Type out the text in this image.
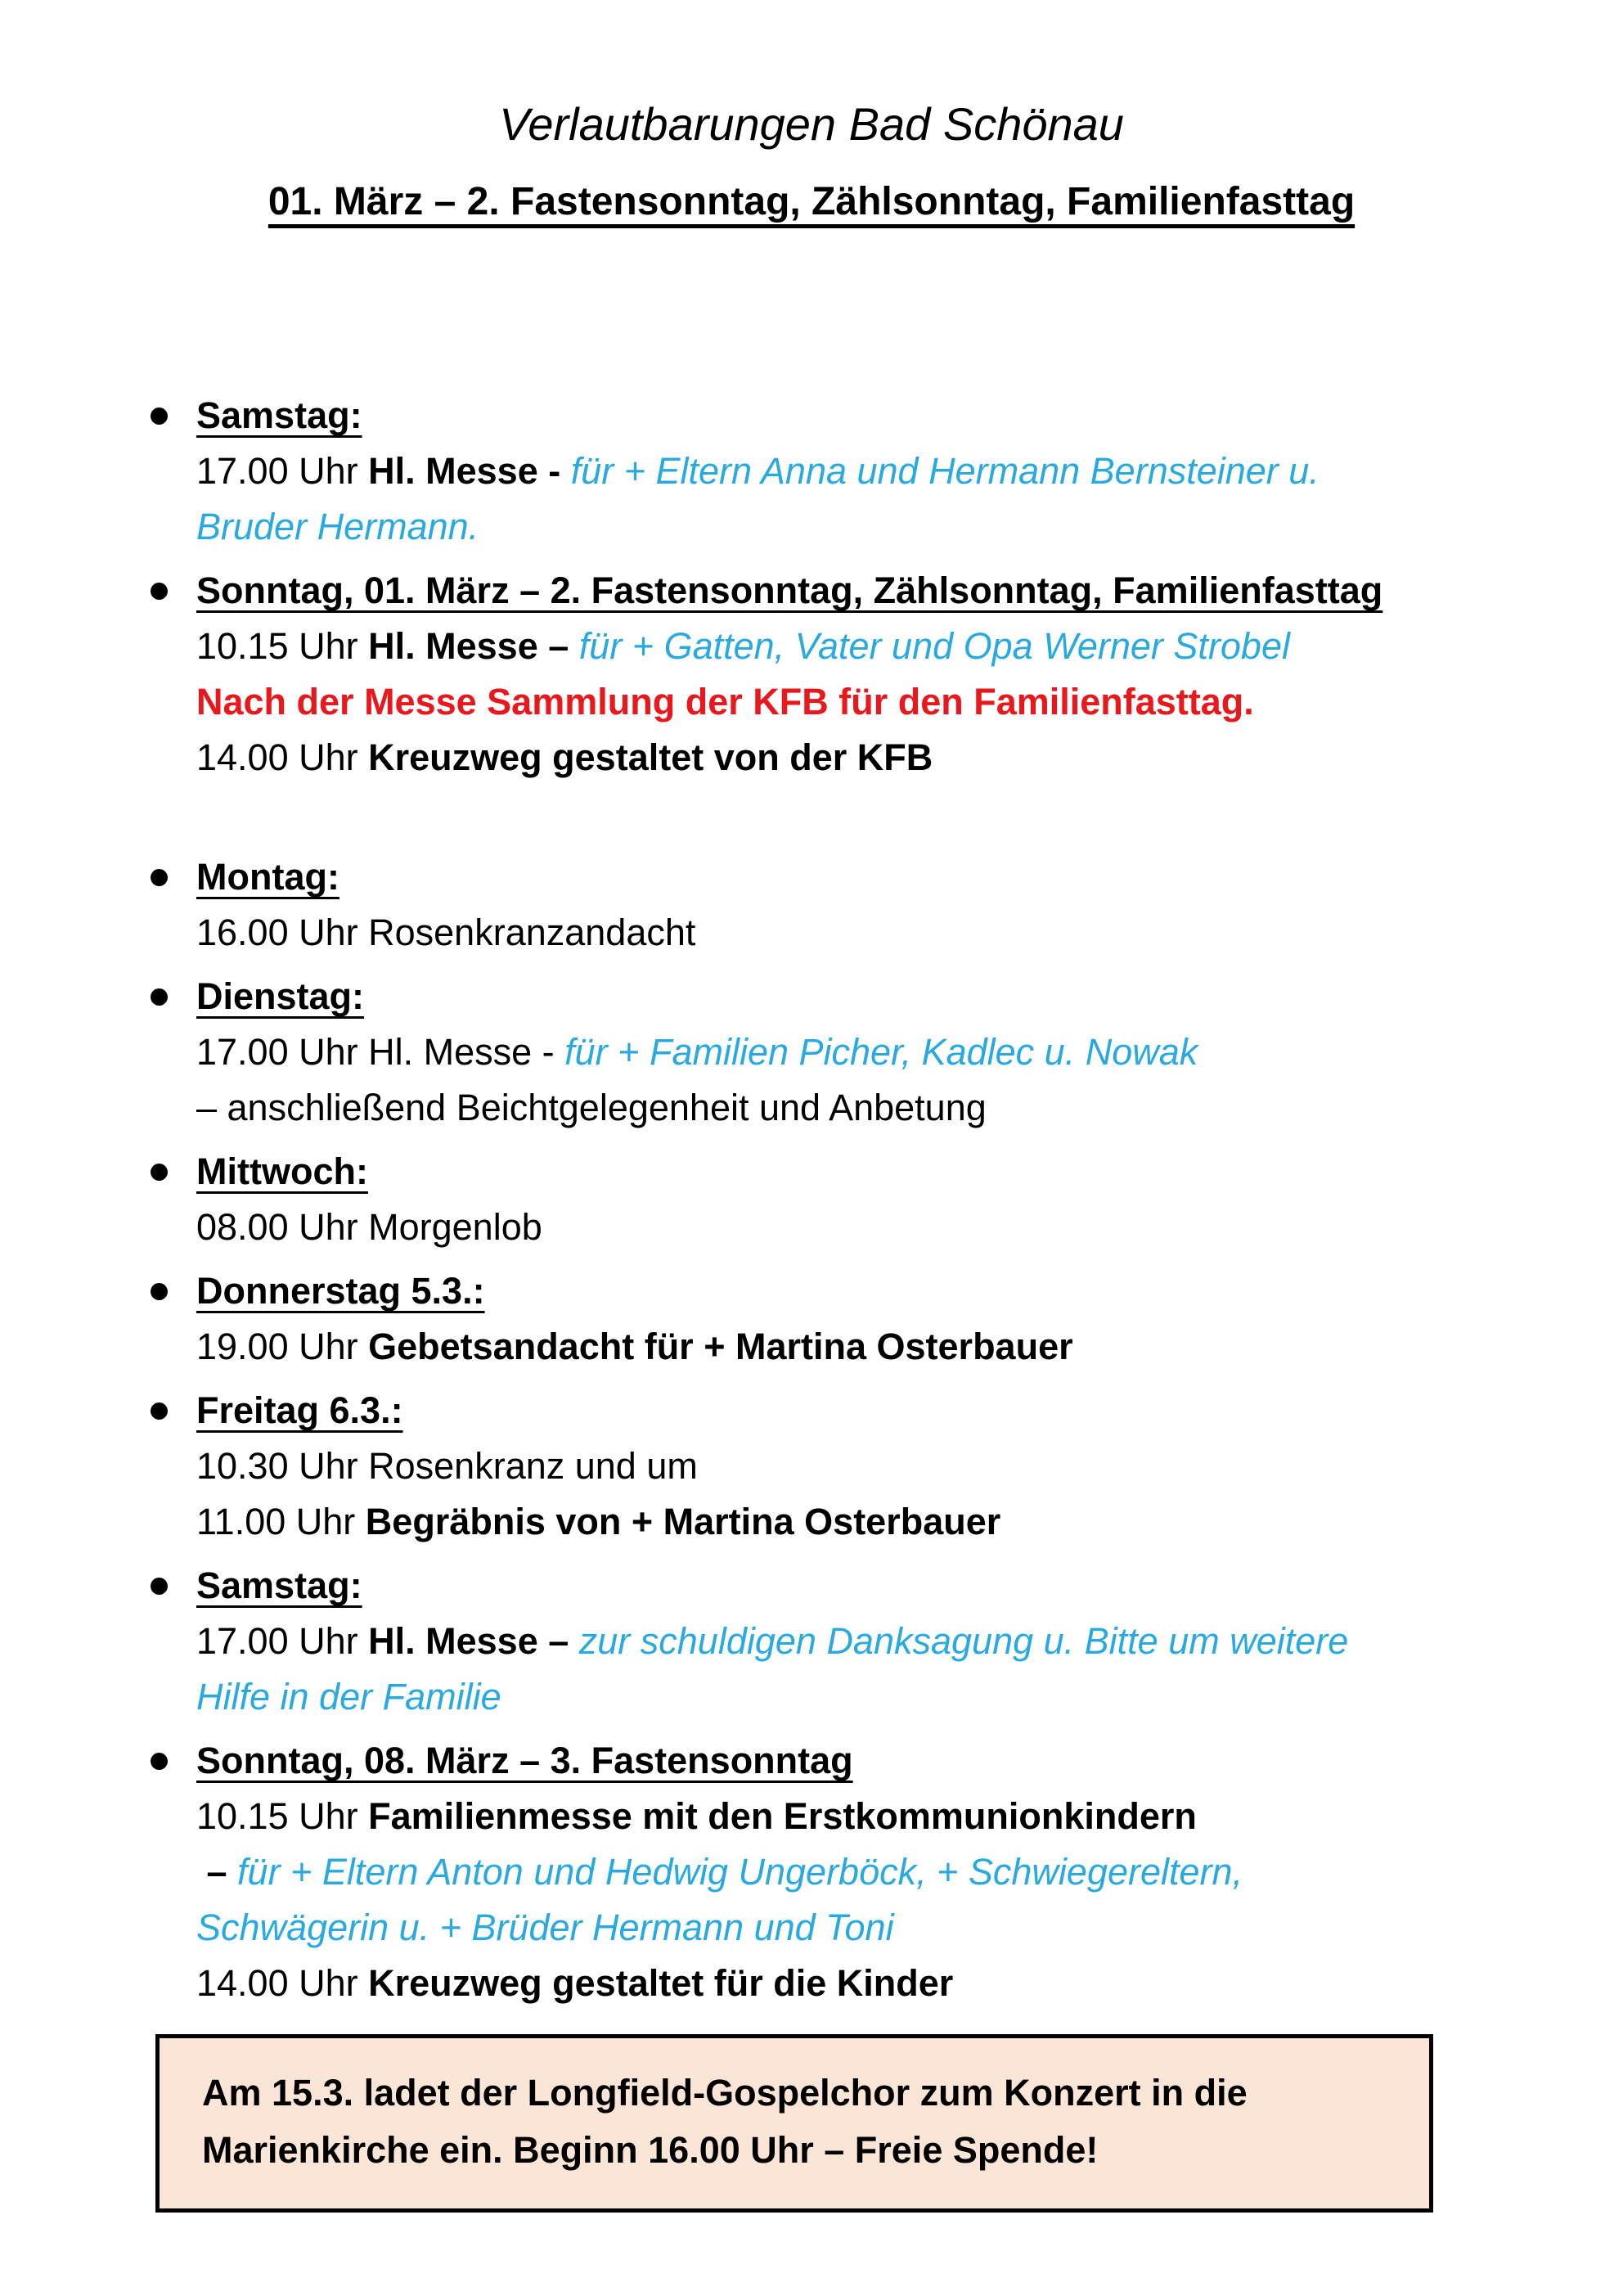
Verlautbarungen Bad Schönau
01. März – 2. Fastensonntag, Zählsonntag, Familienfasttag
Samstag:
17.00 Uhr Hl. Messe - für + Eltern Anna und Hermann Bernsteiner u.
Bruder Hermann.
Sonntag, 01. März – 2. Fastensonntag, Zählsonntag, Familienfasttag
10.15 Uhr Hl. Messe – für + Gatten, Vater und Opa Werner Strobel
Nach der Messe Sammlung der KFB für den Familienfasttag.
14.00 Uhr Kreuzweg gestaltet von der KFB
Montag:
16.00 Uhr Rosenkranzandacht
Dienstag:
17.00 Uhr Hl. Messe - für + Familien Picher, Kadlec u. Nowak
– anschließend Beichtgelegenheit und Anbetung
Mittwoch:
08.00 Uhr Morgenlob
Donnerstag 5.3.:
19.00 Uhr Gebetsandacht für + Martina Osterbauer
Freitag 6.3.:
10.30 Uhr Rosenkranz und um
11.00 Uhr Begräbnis von + Martina Osterbauer
Samstag:
17.00 Uhr Hl. Messe – zur schuldigen Danksagung u. Bitte um weitere
Hilfe in der Familie
Sonntag, 08. März – 3. Fastensonntag
10.15 Uhr Familienmesse mit den Erstkommunionkindern
– für + Eltern Anton und Hedwig Ungerböck, + Schwiegereltern,
Schwägerin u. + Brüder Hermann und Toni
14.00 Uhr Kreuzweg gestaltet für die Kinder
Am 15.3. ladet der Longfield-Gospelchor zum Konzert in die
Marienkirche ein. Beginn 16.00 Uhr – Freie Spende!
